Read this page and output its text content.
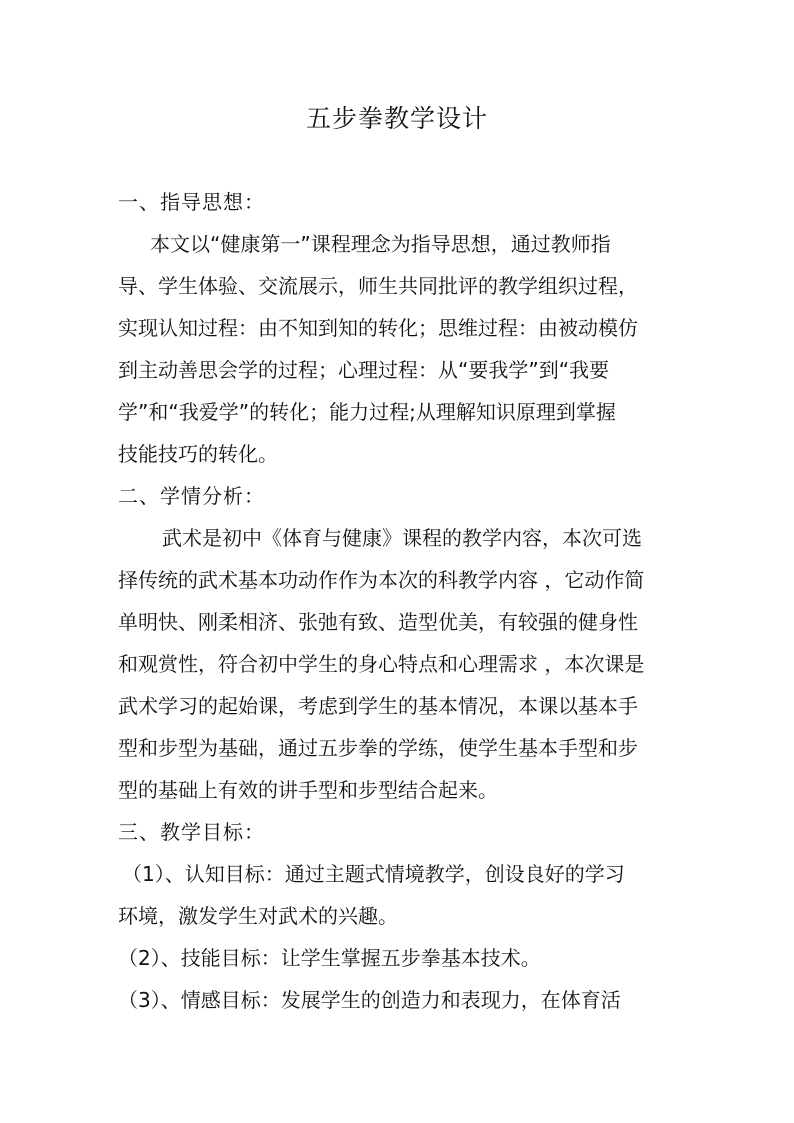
五步拳教学设计
一、指导思想：
本文以“健康第一”课程理念为指导思想，通过教师指
导、学生体验、交流展示，师生共同批评的教学组织过程，
实现认知过程：由不知到知的转化；思维过程：由被动模仿
到主动善思会学的过程；心理过程：从“要我学”到“我要
学”和“我爱学”的转化；能力过程;从理解知识原理到掌握
技能技巧的转化。
二、学情分析：
武术是初中《体育与健康》课程的教学内容，本次可选
择传统的武术基本功动作作为本次的科教学内容 ，它动作简
单明快、刚柔相济、张弛有致、造型优美，有较强的健身性
和观赏性，符合初中学生的身心特点和心理需求 ，本次课是
武术学习的起始课，考虑到学生的基本情况，本课以基本手
型和步型为基础，通过五步拳的学练，使学生基本手型和步
型的基础上有效的讲手型和步型结合起来。
三、教学目标：
（1）、认知目标：通过主题式情境教学，创设良好的学习
环境，激发学生对武术的兴趣。
（2）、技能目标：让学生掌握五步拳基本技术。
（3）、情感目标：发展学生的创造力和表现力，在体育活
